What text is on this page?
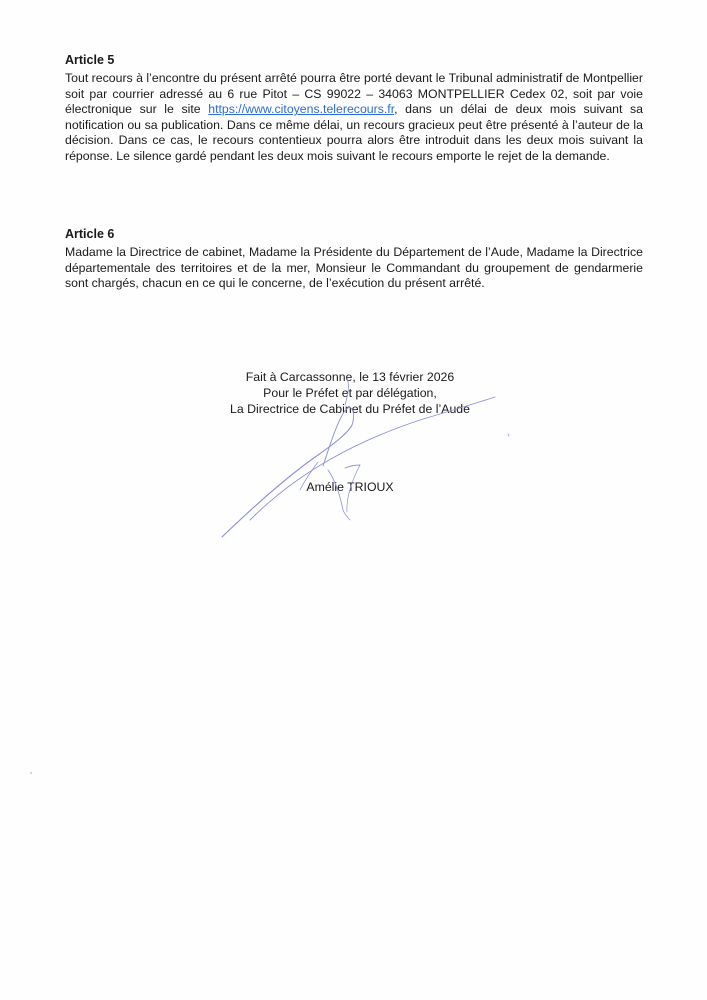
Article 5

Tout recours à l’encontre du présent arrêté pourra être porté devant le Tribunal administratif de Montpellier soit par courrier adressé au 6 rue Pitot – CS 99022 – 34063 MONTPELLIER Cedex 02, soit par voie électronique sur le site https://www.citoyens.telerecours.fr, dans un délai de deux mois suivant sa notification ou sa publication. Dans ce même délai, un recours gracieux peut être présenté à l’auteur de la décision. Dans ce cas, le recours contentieux pourra alors être introduit dans les deux mois suivant la réponse. Le silence gardé pendant les deux mois suivant le recours emporte le rejet de la demande.

Article 6

Madame la Directrice de cabinet, Madame la Présidente du Département de l’Aude, Madame la Directrice départementale des territoires et de la mer, Monsieur le Commandant du groupement de gendarmerie sont chargés, chacun en ce qui le concerne, de l’exécution du présent arrêté.

Fait à Carcassonne, le 13 février 2026
Pour le Préfet et par délégation,
La Directrice de Cabinet du Préfet de l’Aude
Amélie TRIOUX
